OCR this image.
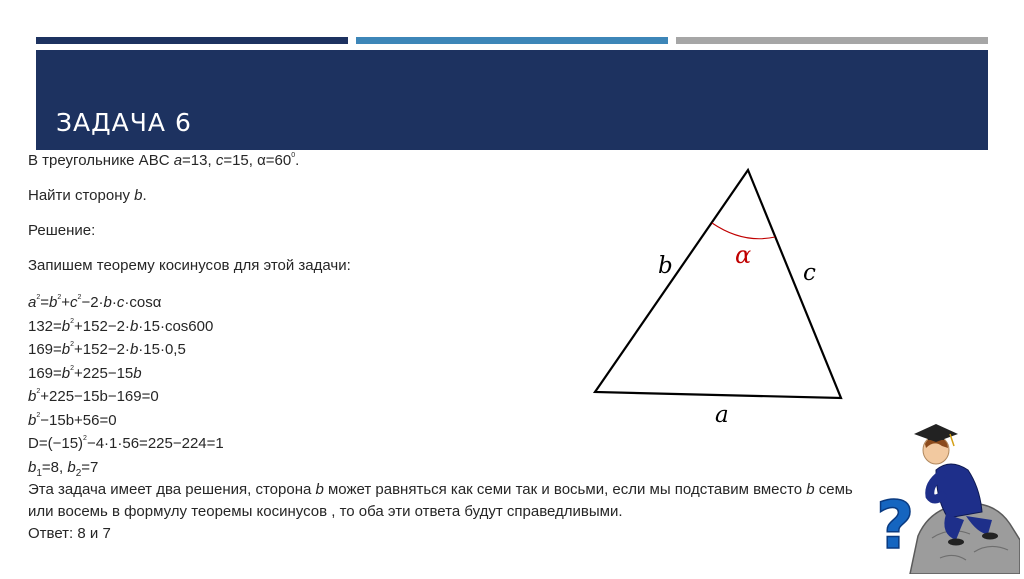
ЗАДАЧА 6

В треугольнике ABC a=13, c=15, $\alpha=60^0$.

Найти сторону b.

Решение:

Запишем теорему косинусов для этой задачи:

$a^2=b^2+c^2-2\cdot b\cdot c\cdot\cos\alpha$

$132=b^2+152-2\cdot b\cdot 15\cdot\cos 600$

$169=b^2+152-2\cdot b\cdot 15\cdot 0,5$

$169=b^2+225-15b$

$b^2+225-15b-169=0$

$b^2-15b+56=0$

$D=(-15)^2-4\cdot 1\cdot 56=225-224=1$

$b_1=8$, $b_2=7$

Эта задача имеет два решения, сторона b может равняться как семи так и восьми, если мы подставим вместо b семь или восемь в формулу теоремы косинусов , то оба эти ответа будут справедливыми.

Ответ: 8 и 7

b	c
a
α
?
